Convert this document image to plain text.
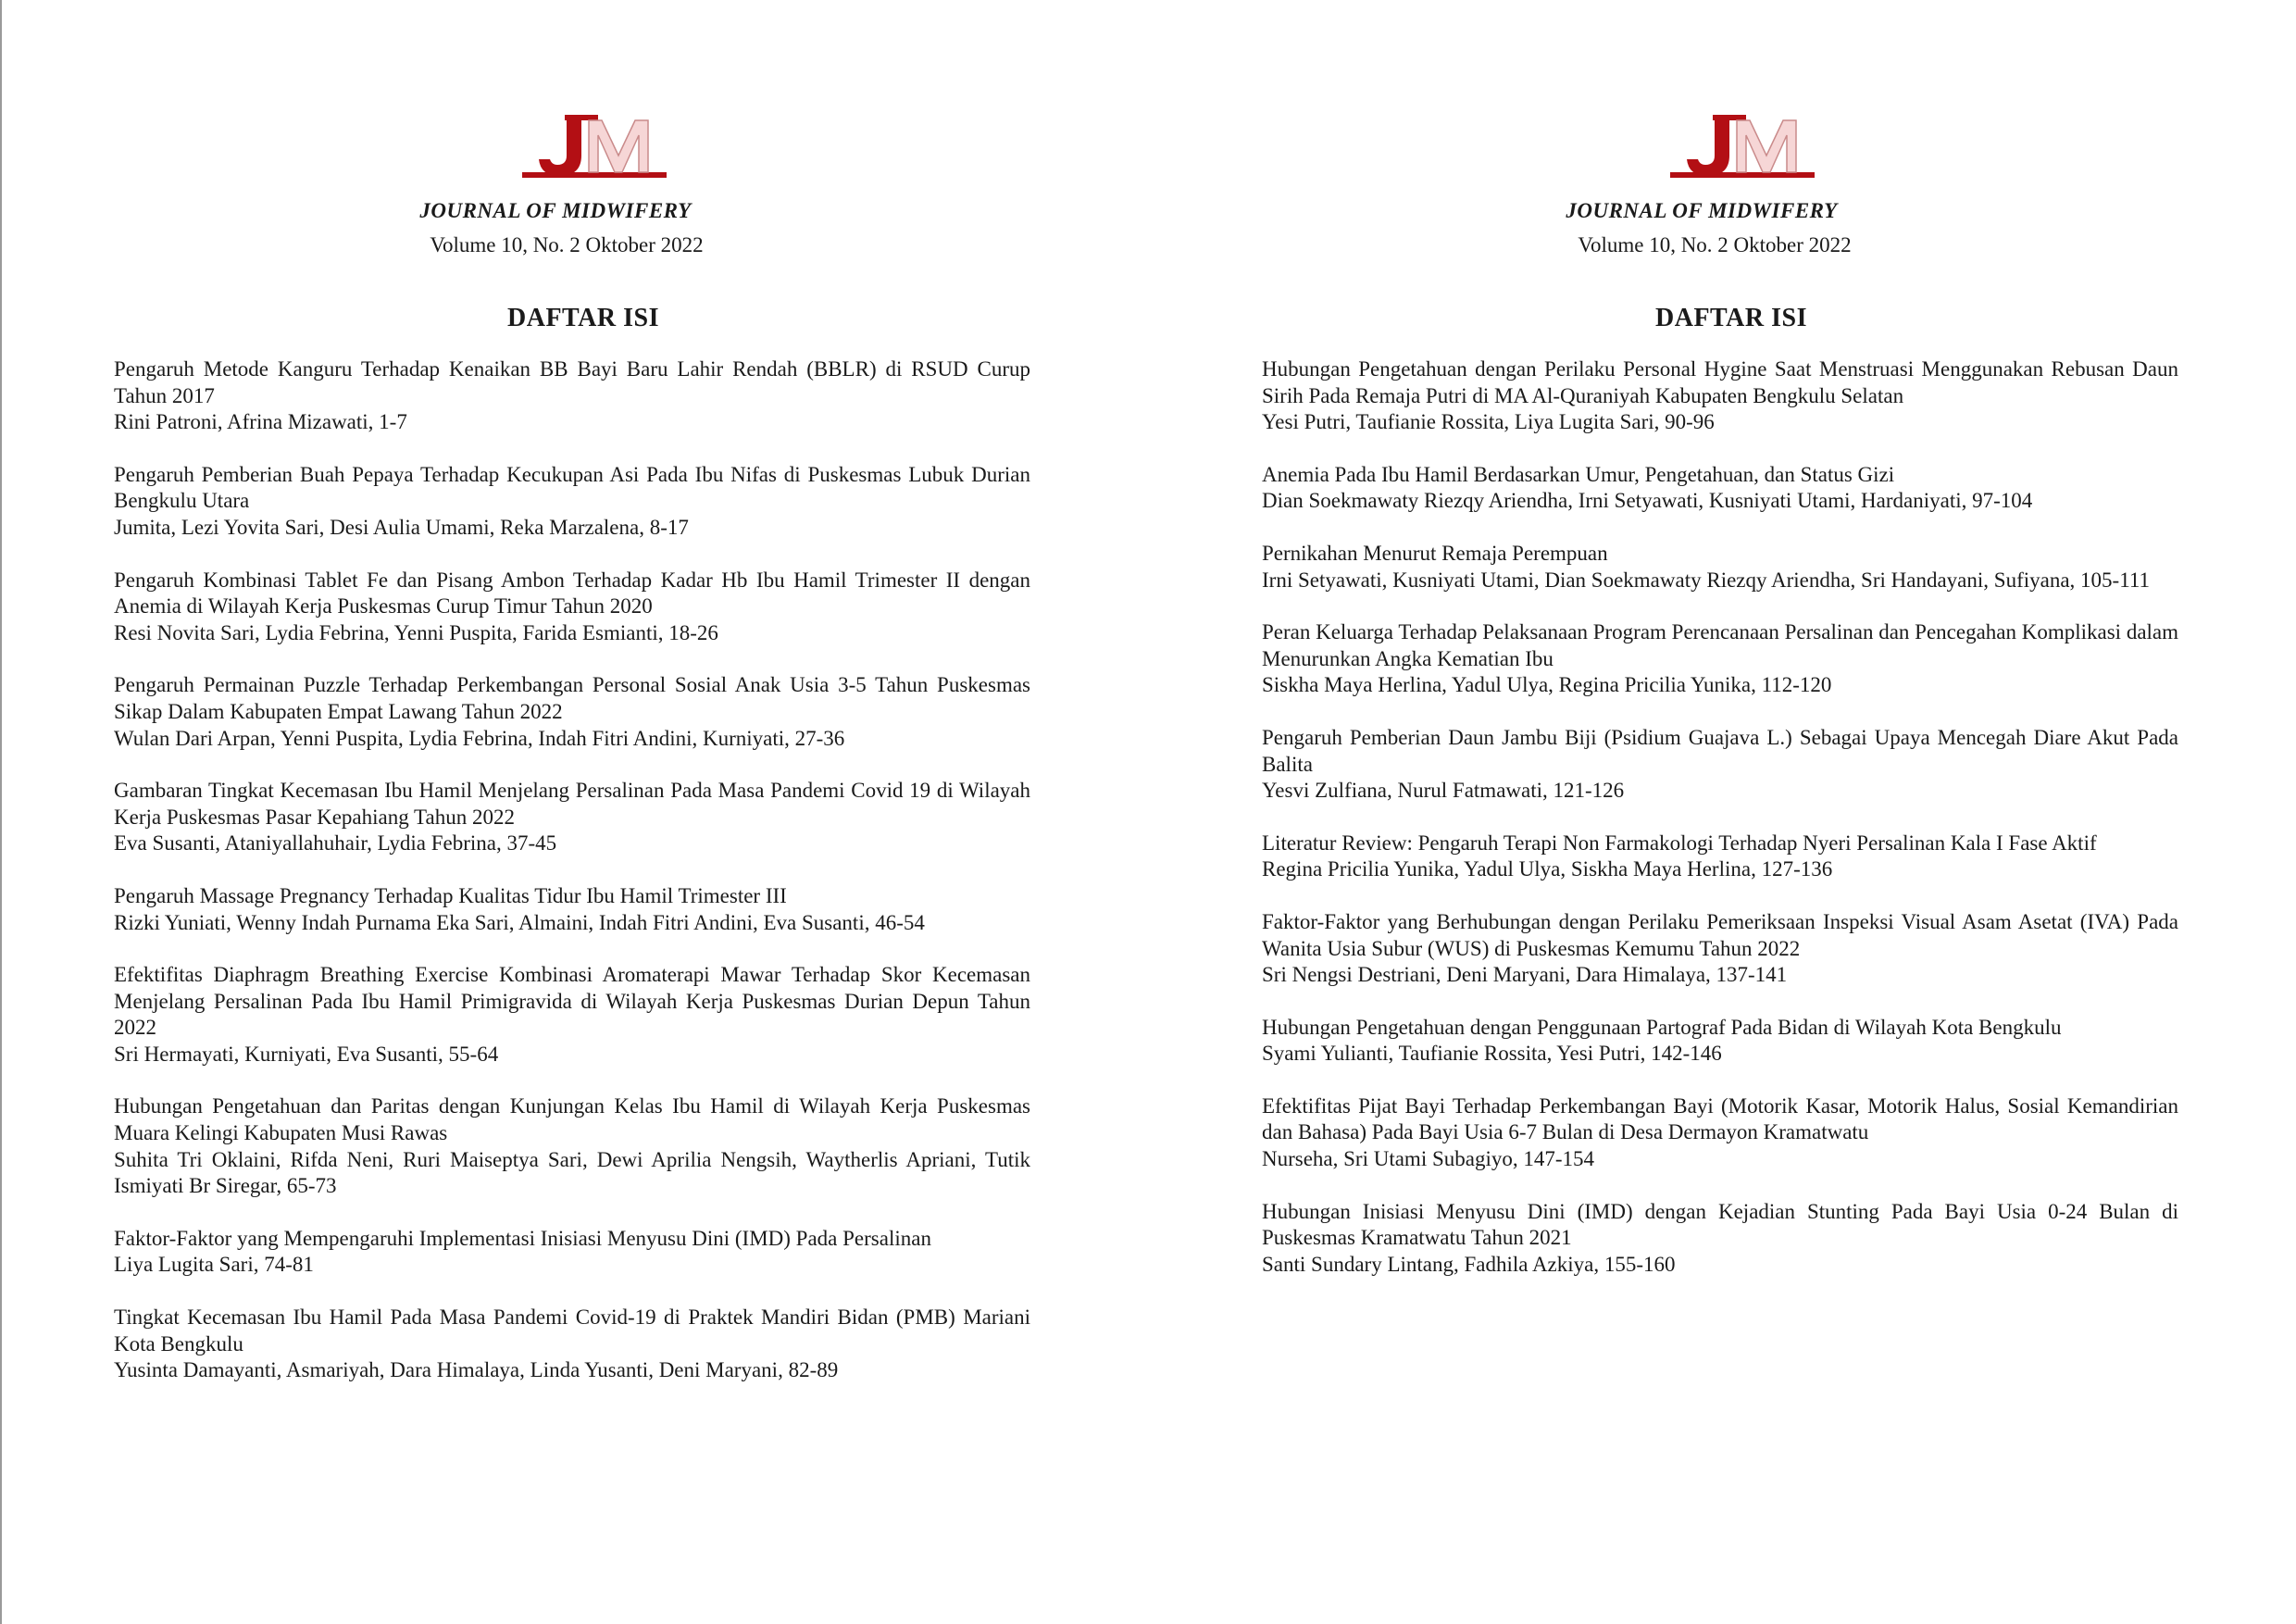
JOURNAL OF MIDWIFERY
Volume 10, No. 2 Oktober 2022
DAFTAR ISI
Pengaruh Metode Kanguru Terhadap Kenaikan BB Bayi Baru Lahir Rendah (BBLR) di RSUD Curup Tahun 2017
Rini Patroni, Afrina Mizawati, 1-7
Pengaruh Pemberian Buah Pepaya Terhadap Kecukupan Asi Pada Ibu Nifas di Puskesmas Lubuk Durian Bengkulu Utara
Jumita, Lezi Yovita Sari, Desi Aulia Umami, Reka Marzalena, 8-17
Pengaruh Kombinasi Tablet Fe dan Pisang Ambon Terhadap Kadar Hb Ibu Hamil Trimester II dengan Anemia di Wilayah Kerja Puskesmas Curup Timur Tahun 2020
Resi Novita Sari, Lydia Febrina, Yenni Puspita, Farida Esmianti, 18-26
Pengaruh Permainan Puzzle Terhadap Perkembangan Personal Sosial Anak Usia 3-5 Tahun Puskesmas Sikap Dalam Kabupaten Empat Lawang Tahun 2022
Wulan Dari Arpan, Yenni Puspita, Lydia Febrina, Indah Fitri Andini, Kurniyati, 27-36
Gambaran Tingkat Kecemasan Ibu Hamil Menjelang Persalinan Pada Masa Pandemi Covid 19 di Wilayah Kerja Puskesmas Pasar Kepahiang Tahun 2022
Eva Susanti, Ataniyallahuhair, Lydia Febrina, 37-45
Pengaruh Massage Pregnancy Terhadap Kualitas Tidur Ibu Hamil Trimester III
Rizki Yuniati, Wenny Indah Purnama Eka Sari, Almaini, Indah Fitri Andini, Eva Susanti, 46-54
Efektifitas Diaphragm Breathing Exercise Kombinasi Aromaterapi Mawar Terhadap Skor Kecemasan Menjelang Persalinan Pada Ibu Hamil Primigravida di Wilayah Kerja Puskesmas Durian Depun Tahun 2022
Sri Hermayati, Kurniyati, Eva Susanti, 55-64
Hubungan Pengetahuan dan Paritas dengan Kunjungan Kelas Ibu Hamil di Wilayah Kerja Puskesmas Muara Kelingi Kabupaten Musi Rawas
Suhita Tri Oklaini, Rifda Neni, Ruri Maiseptya Sari, Dewi Aprilia Nengsih, Waytherlis Apriani, Tutik Ismiyati Br Siregar, 65-73
Faktor-Faktor yang Mempengaruhi Implementasi Inisiasi Menyusu Dini (IMD) Pada Persalinan
Liya Lugita Sari, 74-81
Tingkat Kecemasan Ibu Hamil Pada Masa Pandemi Covid-19 di Praktek Mandiri Bidan (PMB) Mariani Kota Bengkulu
Yusinta Damayanti, Asmariyah, Dara Himalaya, Linda Yusanti, Deni Maryani, 82-89
JOURNAL OF MIDWIFERY
Volume 10, No. 2 Oktober 2022
DAFTAR ISI
Hubungan Pengetahuan dengan Perilaku Personal Hygine Saat Menstruasi Menggunakan Rebusan Daun Sirih Pada Remaja Putri di MA Al-Quraniyah Kabupaten Bengkulu Selatan
Yesi Putri, Taufianie Rossita, Liya Lugita Sari, 90-96
Anemia Pada Ibu Hamil Berdasarkan Umur, Pengetahuan, dan Status Gizi
Dian Soekmawaty Riezqy Ariendha, Irni Setyawati, Kusniyati Utami, Hardaniyati, 97-104
Pernikahan Menurut Remaja Perempuan
Irni Setyawati, Kusniyati Utami, Dian Soekmawaty Riezqy Ariendha, Sri Handayani, Sufiyana, 105-111
Peran Keluarga Terhadap Pelaksanaan Program Perencanaan Persalinan dan Pencegahan Komplikasi dalam Menurunkan Angka Kematian Ibu
Siskha Maya Herlina, Yadul Ulya, Regina Pricilia Yunika, 112-120
Pengaruh Pemberian Daun Jambu Biji (Psidium Guajava L.) Sebagai Upaya Mencegah Diare Akut Pada Balita
Yesvi Zulfiana, Nurul Fatmawati, 121-126
Literatur Review: Pengaruh Terapi Non Farmakologi Terhadap Nyeri Persalinan Kala I Fase Aktif
Regina Pricilia Yunika, Yadul Ulya, Siskha Maya Herlina, 127-136
Faktor-Faktor yang Berhubungan dengan Perilaku Pemeriksaan Inspeksi Visual Asam Asetat (IVA) Pada Wanita Usia Subur (WUS) di Puskesmas Kemumu Tahun 2022
Sri Nengsi Destriani, Deni Maryani, Dara Himalaya, 137-141
Hubungan Pengetahuan dengan Penggunaan Partograf Pada Bidan di Wilayah Kota Bengkulu
Syami Yulianti, Taufianie Rossita, Yesi Putri, 142-146
Efektifitas Pijat Bayi Terhadap Perkembangan Bayi (Motorik Kasar, Motorik Halus, Sosial Kemandirian dan Bahasa) Pada Bayi Usia 6-7 Bulan di Desa Dermayon Kramatwatu
Nurseha, Sri Utami Subagiyo, 147-154
Hubungan Inisiasi Menyusu Dini (IMD) dengan Kejadian Stunting Pada Bayi Usia 0-24 Bulan di Puskesmas Kramatwatu Tahun 2021
Santi Sundary Lintang, Fadhila Azkiya, 155-160
